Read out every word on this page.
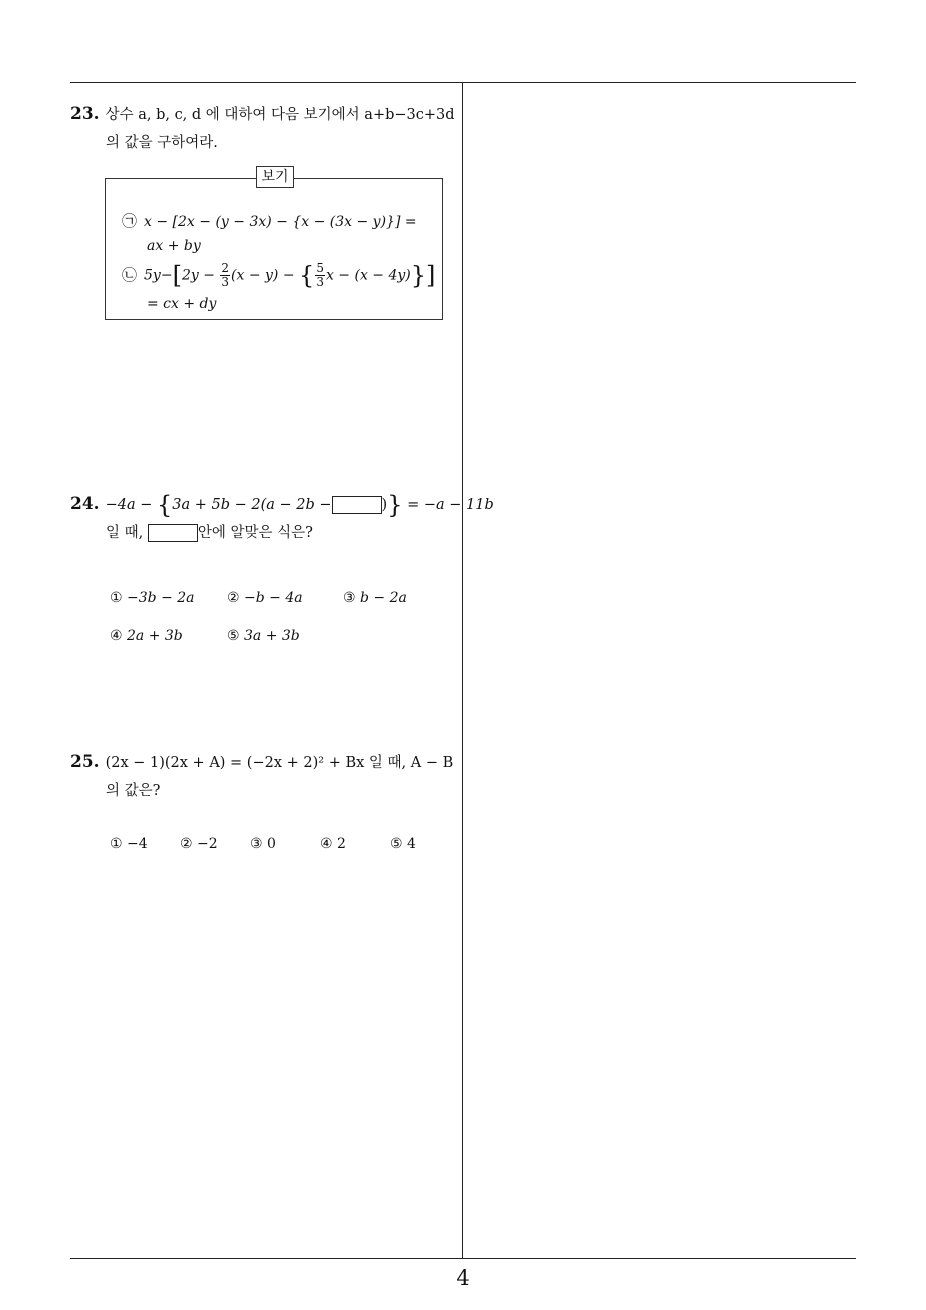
23. 상수 a, b, c, d 에 대하여 다음 보기에서 a+b−3c+3d
의 값을 구하여라.
보기
㉠ x − [2x − (y − 3x) − {x − (3x − y)}] =
ax + by
㉡ $5y-[2y - \frac{2}{3} (x - y)$ − { $\frac{5}{3}$ x − (x − 4y)}]
= cx + dy
24. −4a − {3a + 5b − 2(a − 2b −	)} = −a − 11b
일 때,	안에 알맞은 식은?
① −3b − 2a ② −b − 4a	③ b − 2a
④ 2a + 3b	⑤ 3a + 3b
25. (2x − 1)(2x + A) = (−2x + 2)² + Bx 일 때, A − B
의 값은?
① −4 ② −2 ③ 0	④ 2	⑤ 4
4
